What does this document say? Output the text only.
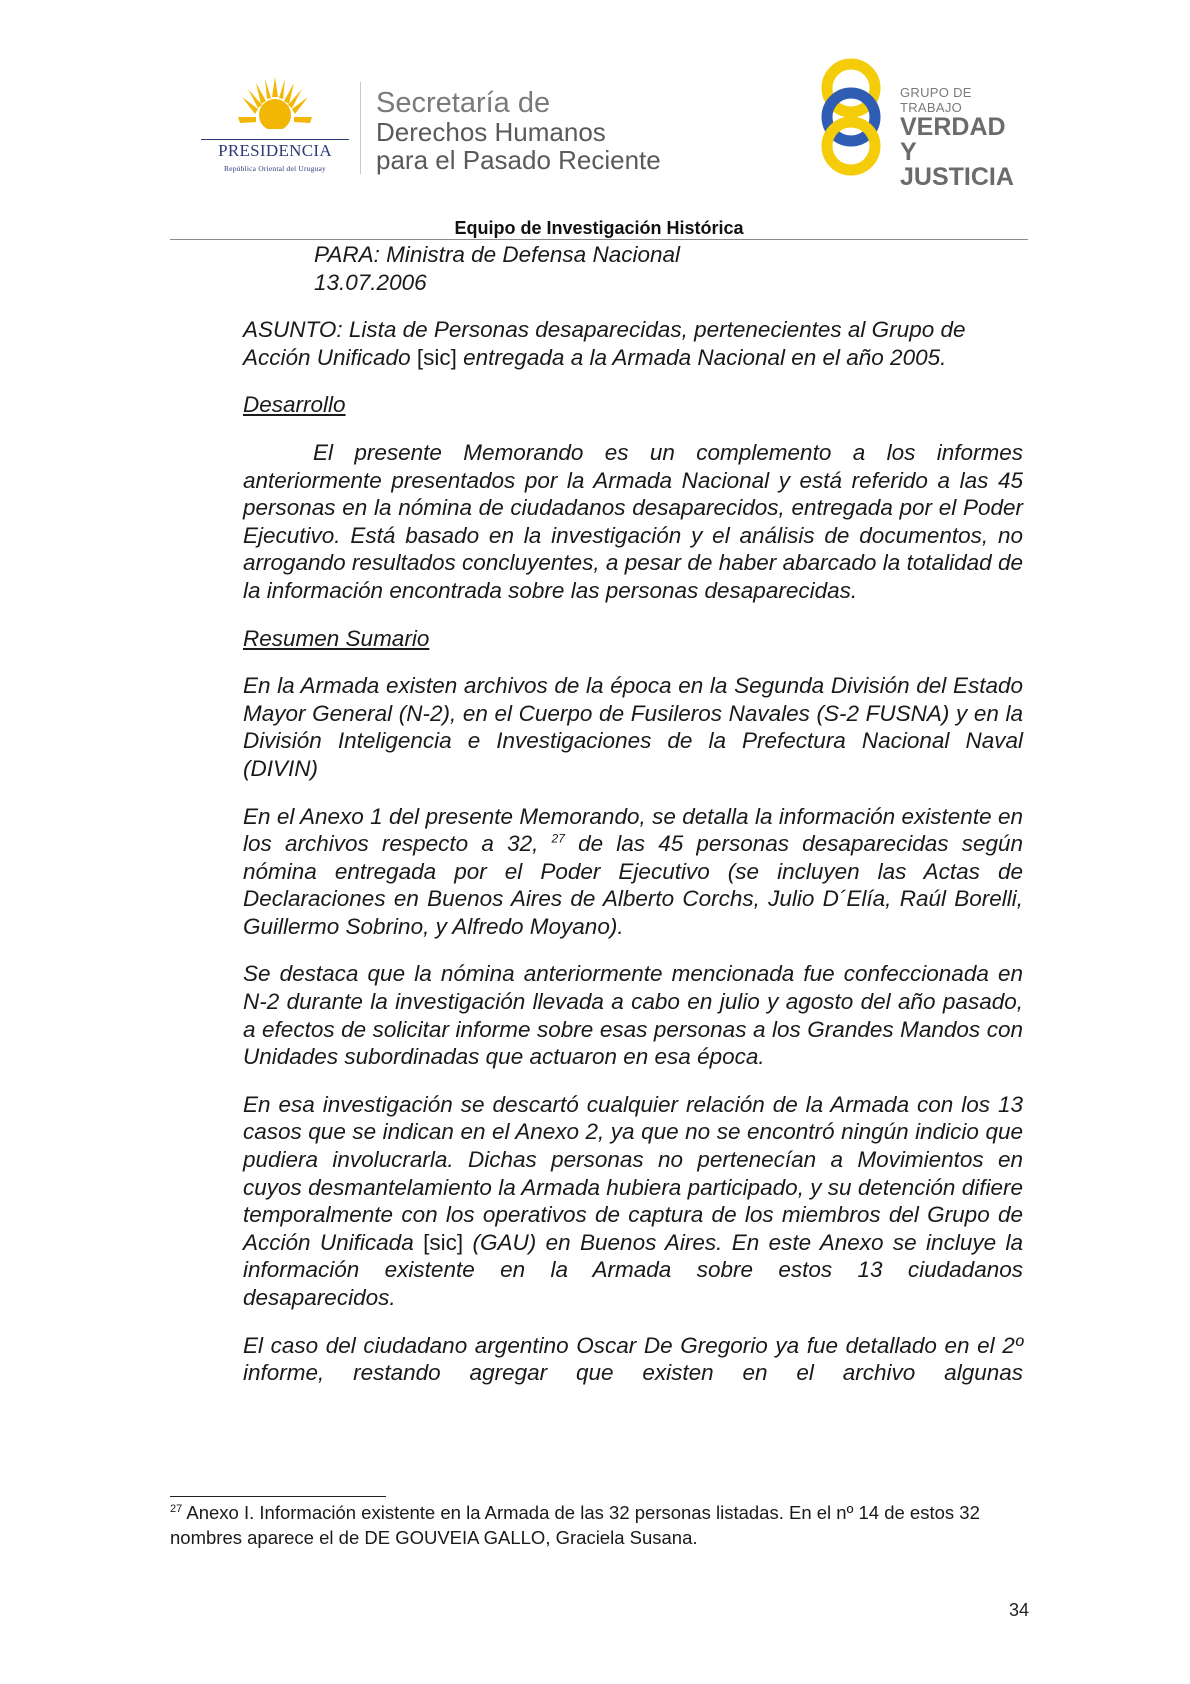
PRESIDENCIA
República Oriental del Uruguay
Secretaría de
Derechos Humanos
para el Pasado Reciente
GRUPO DE TRABAJO
VERDAD Y
JUSTICIA
Equipo de Investigación Histórica

PARA: Ministra de Defensa Nacional

13.07.2006

ASUNTO: Lista de Personas desaparecidas, pertenecientes al Grupo de Acción Unificado [sic] entregada a la Armada Nacional en el año 2005.

Desarrollo

El presente Memorando es un complemento a los informes anteriormente presentados por la Armada Nacional y está referido a las 45 personas en la nómina de ciudadanos desaparecidos, entregada por el Poder Ejecutivo. Está basado en la investigación y el análisis de documentos, no arrogando resultados concluyentes, a pesar de haber abarcado la totalidad de la información encontrada sobre las personas desaparecidas.

Resumen Sumario

En la Armada existen archivos de la época en la Segunda División del Estado Mayor General (N-2), en el Cuerpo de Fusileros Navales (S-2 FUSNA) y en la División Inteligencia e Investigaciones de la Prefectura Nacional Naval (DIVIN)

En el Anexo 1 del presente Memorando, se detalla la información existente en los archivos respecto a 32, $^{27}$ de las 45 personas desaparecidas según nómina entregada por el Poder Ejecutivo (se incluyen las Actas de Declaraciones en Buenos Aires de Alberto Corchs, Julio D´Elía, Raúl Borelli, Guillermo Sobrino, y Alfredo Moyano).

Se destaca que la nómina anteriormente mencionada fue confeccionada en N-2 durante la investigación llevada a cabo en julio y agosto del año pasado, a efectos de solicitar informe sobre esas personas a los Grandes Mandos con Unidades subordinadas que actuaron en esa época.

En esa investigación se descartó cualquier relación de la Armada con los 13 casos que se indican en el Anexo 2, ya que no se encontró ningún indicio que pudiera involucrarla. Dichas personas no pertenecían a Movimientos en cuyos desmantelamiento la Armada hubiera participado, y su detención difiere temporalmente con los operativos de captura de los miembros del Grupo de Acción Unificada [sic] (GAU) en Buenos Aires. En este Anexo se incluye la información existente en la Armada sobre estos 13 ciudadanos desaparecidos.

El caso del ciudadano argentino Oscar De Gregorio ya fue detallado en el 2º informe, restando agregar que existen en el archivo algunas

$^{27}$ Anexo I. Información existente en la Armada de las 32 personas listadas. En el nº 14 de estos 32 nombres aparece el de DE GOUVEIA GALLO, Graciela Susana.
34
